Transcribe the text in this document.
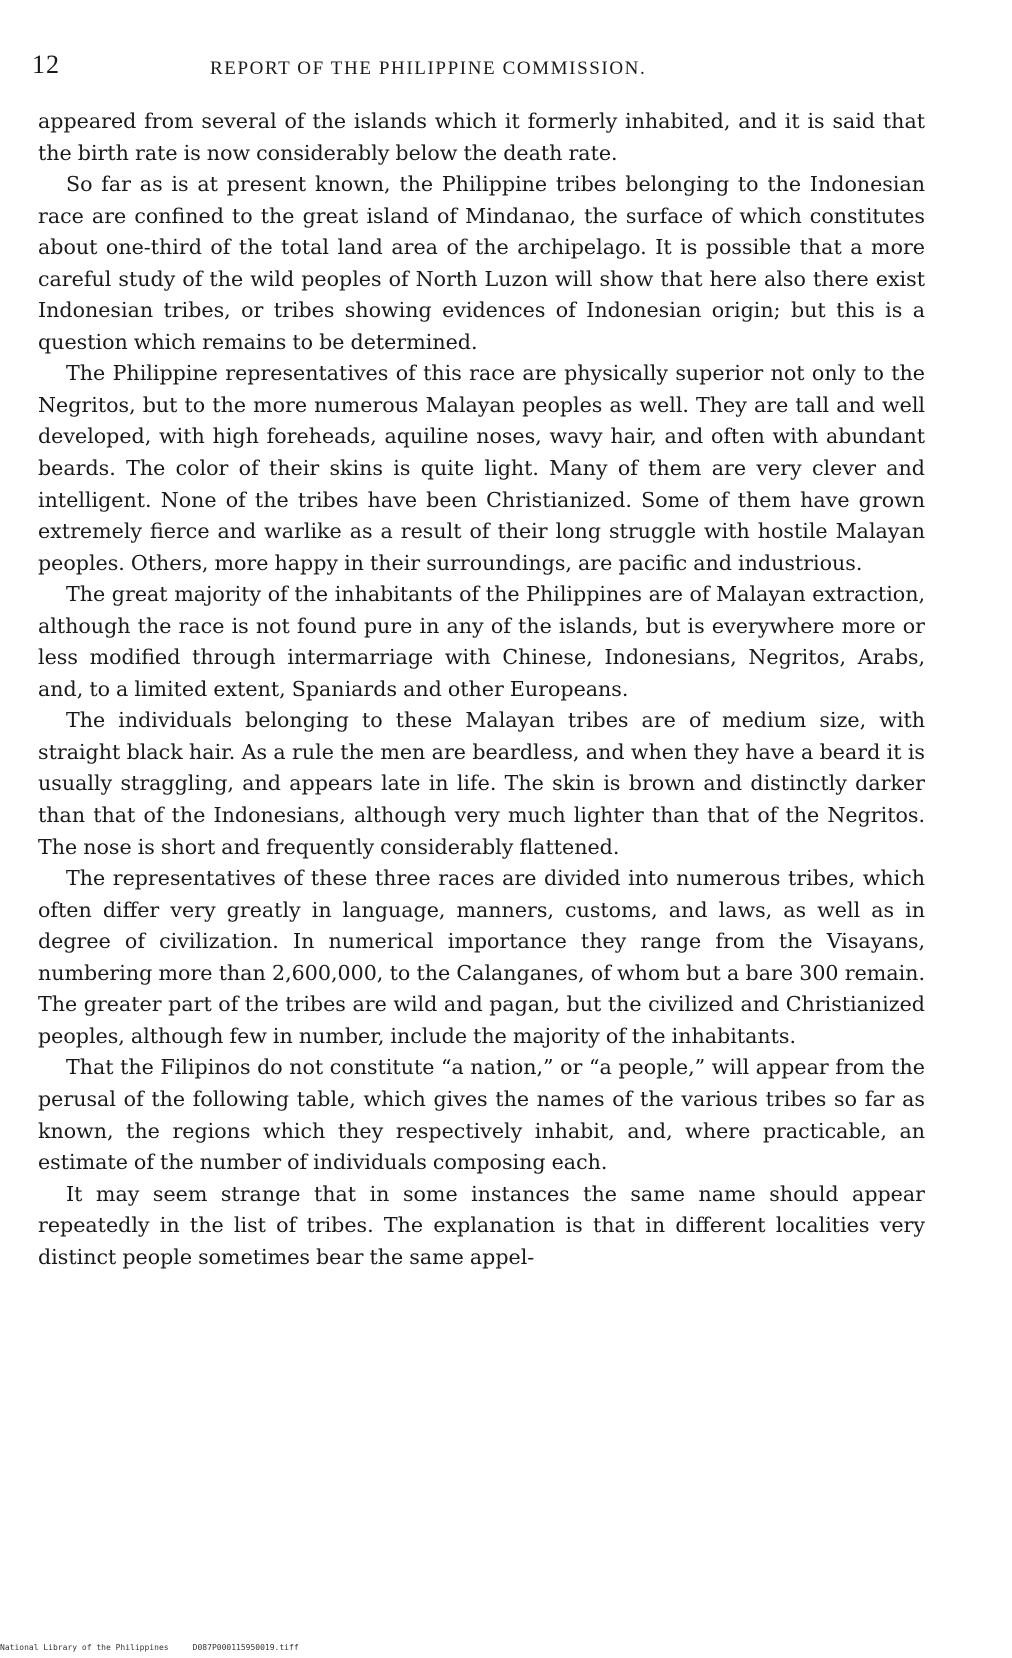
12	REPORT OF THE PHILIPPINE COMMISSION.

appeared from several of the islands which it formerly inhabited, and it is said that the birth rate is now considerably below the death rate.

So far as is at present known, the Philippine tribes belonging to the Indonesian race are confined to the great island of Mindanao, the surface of which constitutes about one-third of the total land area of the archipelago. It is possible that a more careful study of the wild peoples of North Luzon will show that here also there exist Indonesian tribes, or tribes showing evidences of Indonesian origin; but this is a question which remains to be determined.

The Philippine representatives of this race are physically superior not only to the Negritos, but to the more numerous Malayan peoples as well. They are tall and well developed, with high foreheads, aquiline noses, wavy hair, and often with abundant beards. The color of their skins is quite light. Many of them are very clever and intelligent. None of the tribes have been Christianized. Some of them have grown extremely fierce and warlike as a result of their long struggle with hostile Malayan peoples. Others, more happy in their surroundings, are pacific and industrious.

The great majority of the inhabitants of the Philippines are of Malayan extraction, although the race is not found pure in any of the islands, but is everywhere more or less modified through intermarriage with Chinese, Indonesians, Negritos, Arabs, and, to a limited extent, Spaniards and other Europeans.

The individuals belonging to these Malayan tribes are of medium size, with straight black hair. As a rule the men are beardless, and when they have a beard it is usually straggling, and appears late in life. The skin is brown and distinctly darker than that of the Indonesians, although very much lighter than that of the Negritos. The nose is short and frequently considerably flattened.

The representatives of these three races are divided into numerous tribes, which often differ very greatly in language, manners, customs, and laws, as well as in degree of civilization. In numerical importance they range from the Visayans, numbering more than 2,600,000, to the Calanganes, of whom but a bare 300 remain. The greater part of the tribes are wild and pagan, but the civilized and Christianized peoples, although few in number, include the majority of the inhabitants.

That the Filipinos do not constitute “a nation,” or “a people,” will appear from the perusal of the following table, which gives the names of the various tribes so far as known, the regions which they respectively inhabit, and, where practicable, an estimate of the number of individuals composing each.

It may seem strange that in some instances the same name should appear repeatedly in the list of tribes. The explanation is that in different localities very distinct people sometimes bear the same appel-

National Library of the Philippines	D087P000115950019.tiff
